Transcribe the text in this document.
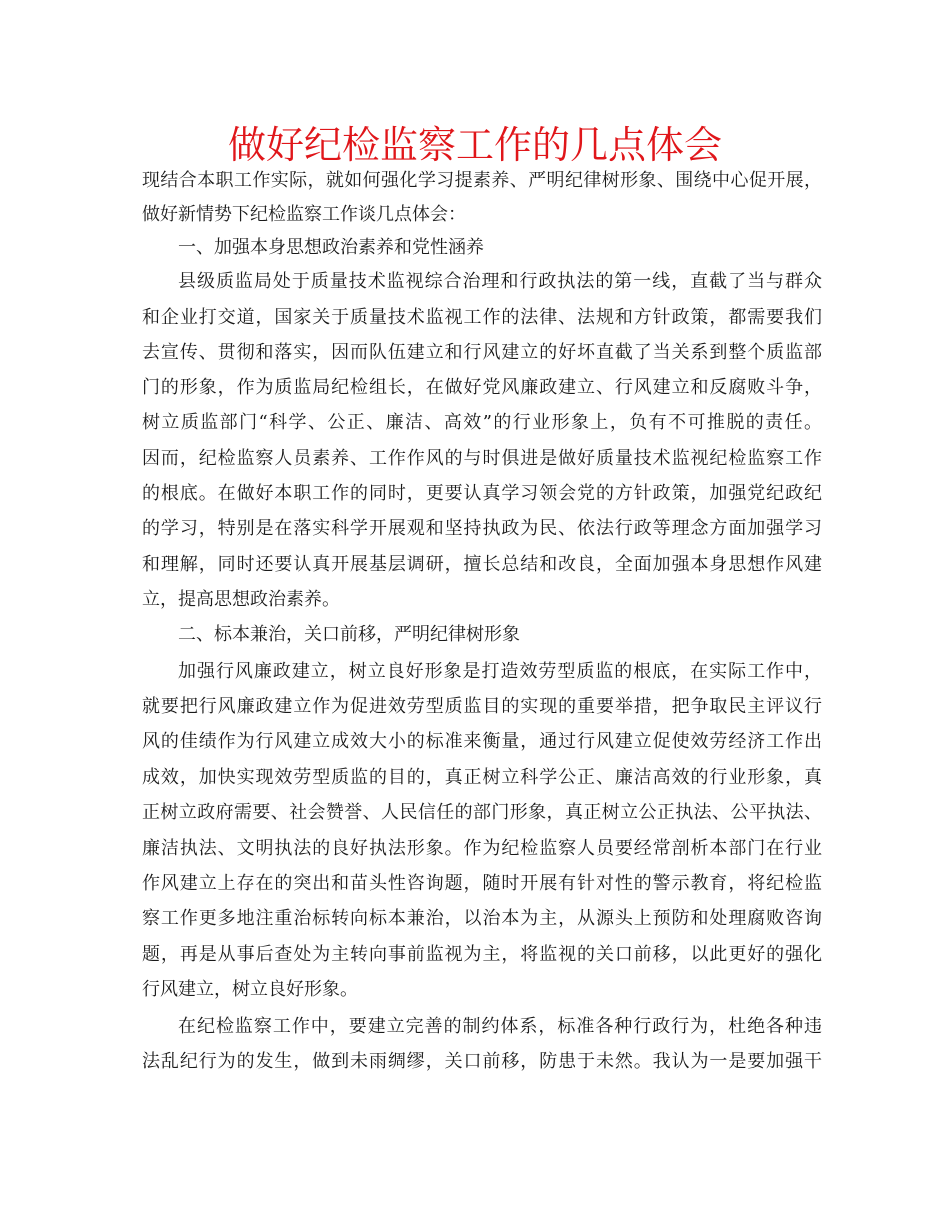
做好纪检监察工作的几点体会
现结合本职工作实际，就如何强化学习提素养、严明纪律树形象、围绕中心促开展，
做好新情势下纪检监察工作谈几点体会：
一、加强本身思想政治素养和党性涵养
县级质监局处于质量技术监视综合治理和行政执法的第一线，直截了当与群众
和企业打交道，国家关于质量技术监视工作的法律、法规和方针政策，都需要我们
去宣传、贯彻和落实，因而队伍建立和行风建立的好坏直截了当关系到整个质监部
门的形象，作为质监局纪检组长，在做好党风廉政建立、行风建立和反腐败斗争，
树立质监部门“科学、公正、廉洁、高效”的行业形象上，负有不可推脱的责任。
因而，纪检监察人员素养、工作作风的与时俱进是做好质量技术监视纪检监察工作
的根底。在做好本职工作的同时，更要认真学习领会党的方针政策，加强党纪政纪
的学习，特别是在落实科学开展观和坚持执政为民、依法行政等理念方面加强学习
和理解，同时还要认真开展基层调研，擅长总结和改良，全面加强本身思想作风建
立，提高思想政治素养。
二、标本兼治，关口前移，严明纪律树形象
加强行风廉政建立，树立良好形象是打造效劳型质监的根底，在实际工作中，
就要把行风廉政建立作为促进效劳型质监目的实现的重要举措，把争取民主评议行
风的佳绩作为行风建立成效大小的标准来衡量，通过行风建立促使效劳经济工作出
成效，加快实现效劳型质监的目的，真正树立科学公正、廉洁高效的行业形象，真
正树立政府需要、社会赞誉、人民信任的部门形象，真正树立公正执法、公平执法、
廉洁执法、文明执法的良好执法形象。作为纪检监察人员要经常剖析本部门在行业
作风建立上存在的突出和苗头性咨询题，随时开展有针对性的警示教育，将纪检监
察工作更多地注重治标转向标本兼治，以治本为主，从源头上预防和处理腐败咨询
题，再是从事后查处为主转向事前监视为主，将监视的关口前移，以此更好的强化
行风建立，树立良好形象。
在纪检监察工作中，要建立完善的制约体系，标准各种行政行为，杜绝各种违
法乱纪行为的发生，做到未雨绸缪，关口前移，防患于未然。我认为一是要加强干
